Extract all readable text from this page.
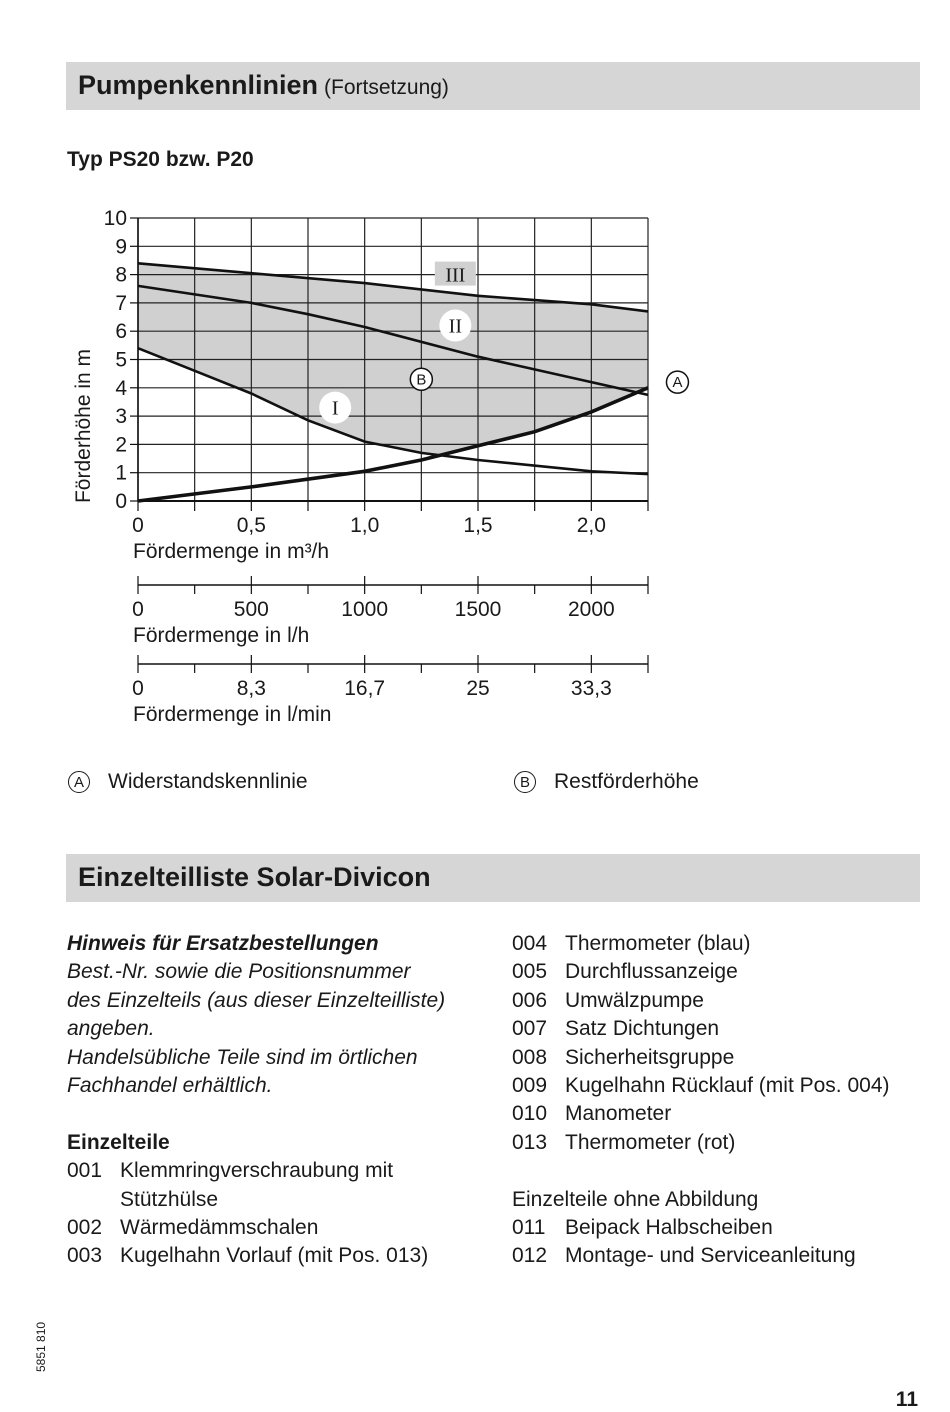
Pumpenkennlinien (Fortsetzung)
Typ PS20 bzw. P20
0
1
2
3
4
5
6
7
8
9
10
Förderhöhe in m
0	0,5	1,0	1,5	2,0
Fördermenge in m³/h
0	500	1000	1500	2000
Fördermenge in l/h
0	8,3	16,7	25	33,3
Fördermenge in l/min
III
II
I
B	A
A Widerstandskennlinie	B Restförderhöhe
Einzelteilliste Solar-Divicon
Hinweis für Ersatzbestellungen
Best.-Nr. sowie die Positionsnummer
des Einzelteils (aus dieser Einzelteilliste)
angeben.
Handelsübliche Teile sind im örtlichen
Fachhandel erhältlich.
Einzelteile
001 Klemmringverschraubung mit
Stützhülse
002 Wärmedämmschalen
003 Kugelhahn Vorlauf (mit Pos. 013)
004 Thermometer (blau)
005 Durchflussanzeige
006 Umwälzpumpe
007 Satz Dichtungen
008 Sicherheitsgruppe
009 Kugelhahn Rücklauf (mit Pos. 004)
010 Manometer
013 Thermometer (rot)
Einzelteile ohne Abbildung
011 Beipack Halbscheiben
012 Montage- und Serviceanleitung
5851 810
11
